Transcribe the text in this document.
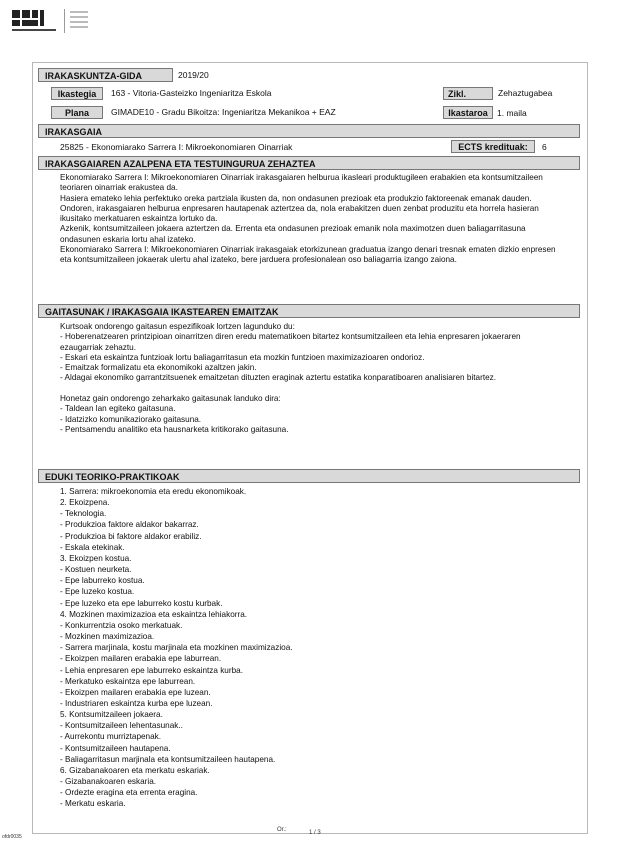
IRAKASKUNTZA-GIDA	2019/20
Ikastegia	163 - Vitoria-Gasteizko Ingeniaritza Eskola	Zikl.	Zehaztugabea
Plana	GIMADE10 - Gradu Bikoitza: Ingeniaritza Mekanikoa + EAZ	Ikastaroa	1. maila
IRAKASGAIA
25825 - Ekonomiarako Sarrera I: Mikroekonomiaren Oinarriak	ECTS kredituak:	6
IRAKASGAIAREN AZALPENA ETA TESTUINGURUA ZEHAZTEA

Ekonomiarako Sarrera I: Mikroekonomiaren Oinarriak irakasgaiaren helburua ikasleari produktugileen erabakien eta kontsumitzaileen teoriaren oinarriak erakustea da.

Hasiera emateko lehia perfektuko oreka partziala ikusten da, non ondasunen prezioak eta produkzio faktoreenak emanak dauden.

Ondoren, irakasgaiaren helburua enpresaren hautapenak aztertzea da, nola erabakitzen duen zenbat produzitu eta horrela hasieran ikusitako merkatuaren eskaintza lortuko da.

Azkenik, kontsumitzaileen jokaera aztertzen da. Errenta eta ondasunen prezioak emanik nola maximotzen duen baliagarritasuna ondasunen eskaria lortu ahal izateko.

Ekonomiarako Sarrera I: Mikroekonomiaren Oinarriak irakasgaiak etorkizunean graduatua izango denari tresnak ematen dizkio enpresen eta kontsumitzaileen jokaerak ulertu ahal izateko, bere jarduera profesionalean oso baliagarria izango zaiona.

GAITASUNAK / IRAKASGAIA IKASTEAREN EMAITZAK

Kurtsoak ondorengo gaitasun espezifikoak lortzen lagunduko du:

- Hoberenatzearen printzipioan oinarritzen diren eredu matematikoen bitartez kontsumitzaileen eta lehia enpresaren jokaeraren ezaugarriak zehaztu.

- Eskari eta eskaintza funtzioak lortu baliagarritasun eta mozkin funtzioen maximizazioaren ondorioz.

- Emaitzak formalizatu eta ekonomikoki azaltzen jakin.

- Aldagai ekonomiko garrantzitsuenek emaitzetan dituzten eraginak aztertu estatika konparatiboaren analisiaren bitartez.

Honetaz gain ondorengo zeharkako gaitasunak landuko dira:

- Taldean lan egiteko gaitasuna.

- Idatzizko komunikaziorako gaitasuna.

- Pentsamendu analitiko eta hausnarketa kritikorako gaitasuna.

EDUKI TEORIKO-PRAKTIKOAK

1. Sarrera: mikroekonomia eta eredu ekonomikoak.

2. Ekoizpena.

- Teknologia.

- Produkzioa faktore aldakor bakarraz.

- Produkzioa bi faktore aldakor erabiliz.

- Eskala etekinak.

3. Ekoizpen kostua.

- Kostuen neurketa.

- Epe laburreko kostua.

- Epe luzeko kostua.

- Epe luzeko eta epe laburreko kostu kurbak.

4. Mozkinen maximizazioa eta eskaintza lehiakorra.

- Konkurrentzia osoko merkatuak.

- Mozkinen maximizazioa.

- Sarrera marjinala, kostu marjinala eta mozkinen maximizazioa.

- Ekoizpen mailaren erabakia epe laburrean.

- Lehia enpresaren epe laburreko eskaintza kurba.

- Merkatuko eskaintza epe laburrean.

- Ekoizpen mailaren erabakia epe luzean.

- Industriaren eskaintza kurba epe luzean.

5. Kontsumitzaileen jokaera.

- Kontsumitzaileen lehentasunak..

- Aurrekontu murriztapenak.

- Kontsumitzaileen hautapena.

- Baliagarritasun marjinala eta kontsumitzaileen hautapena.

6. Gizabanakoaren eta merkatu eskariak.

- Gizabanakoaren eskaria.

- Ordezte eragina eta errenta eragina.

- Merkatu eskaria.

ofdr0035
Or.:	1 / 3
